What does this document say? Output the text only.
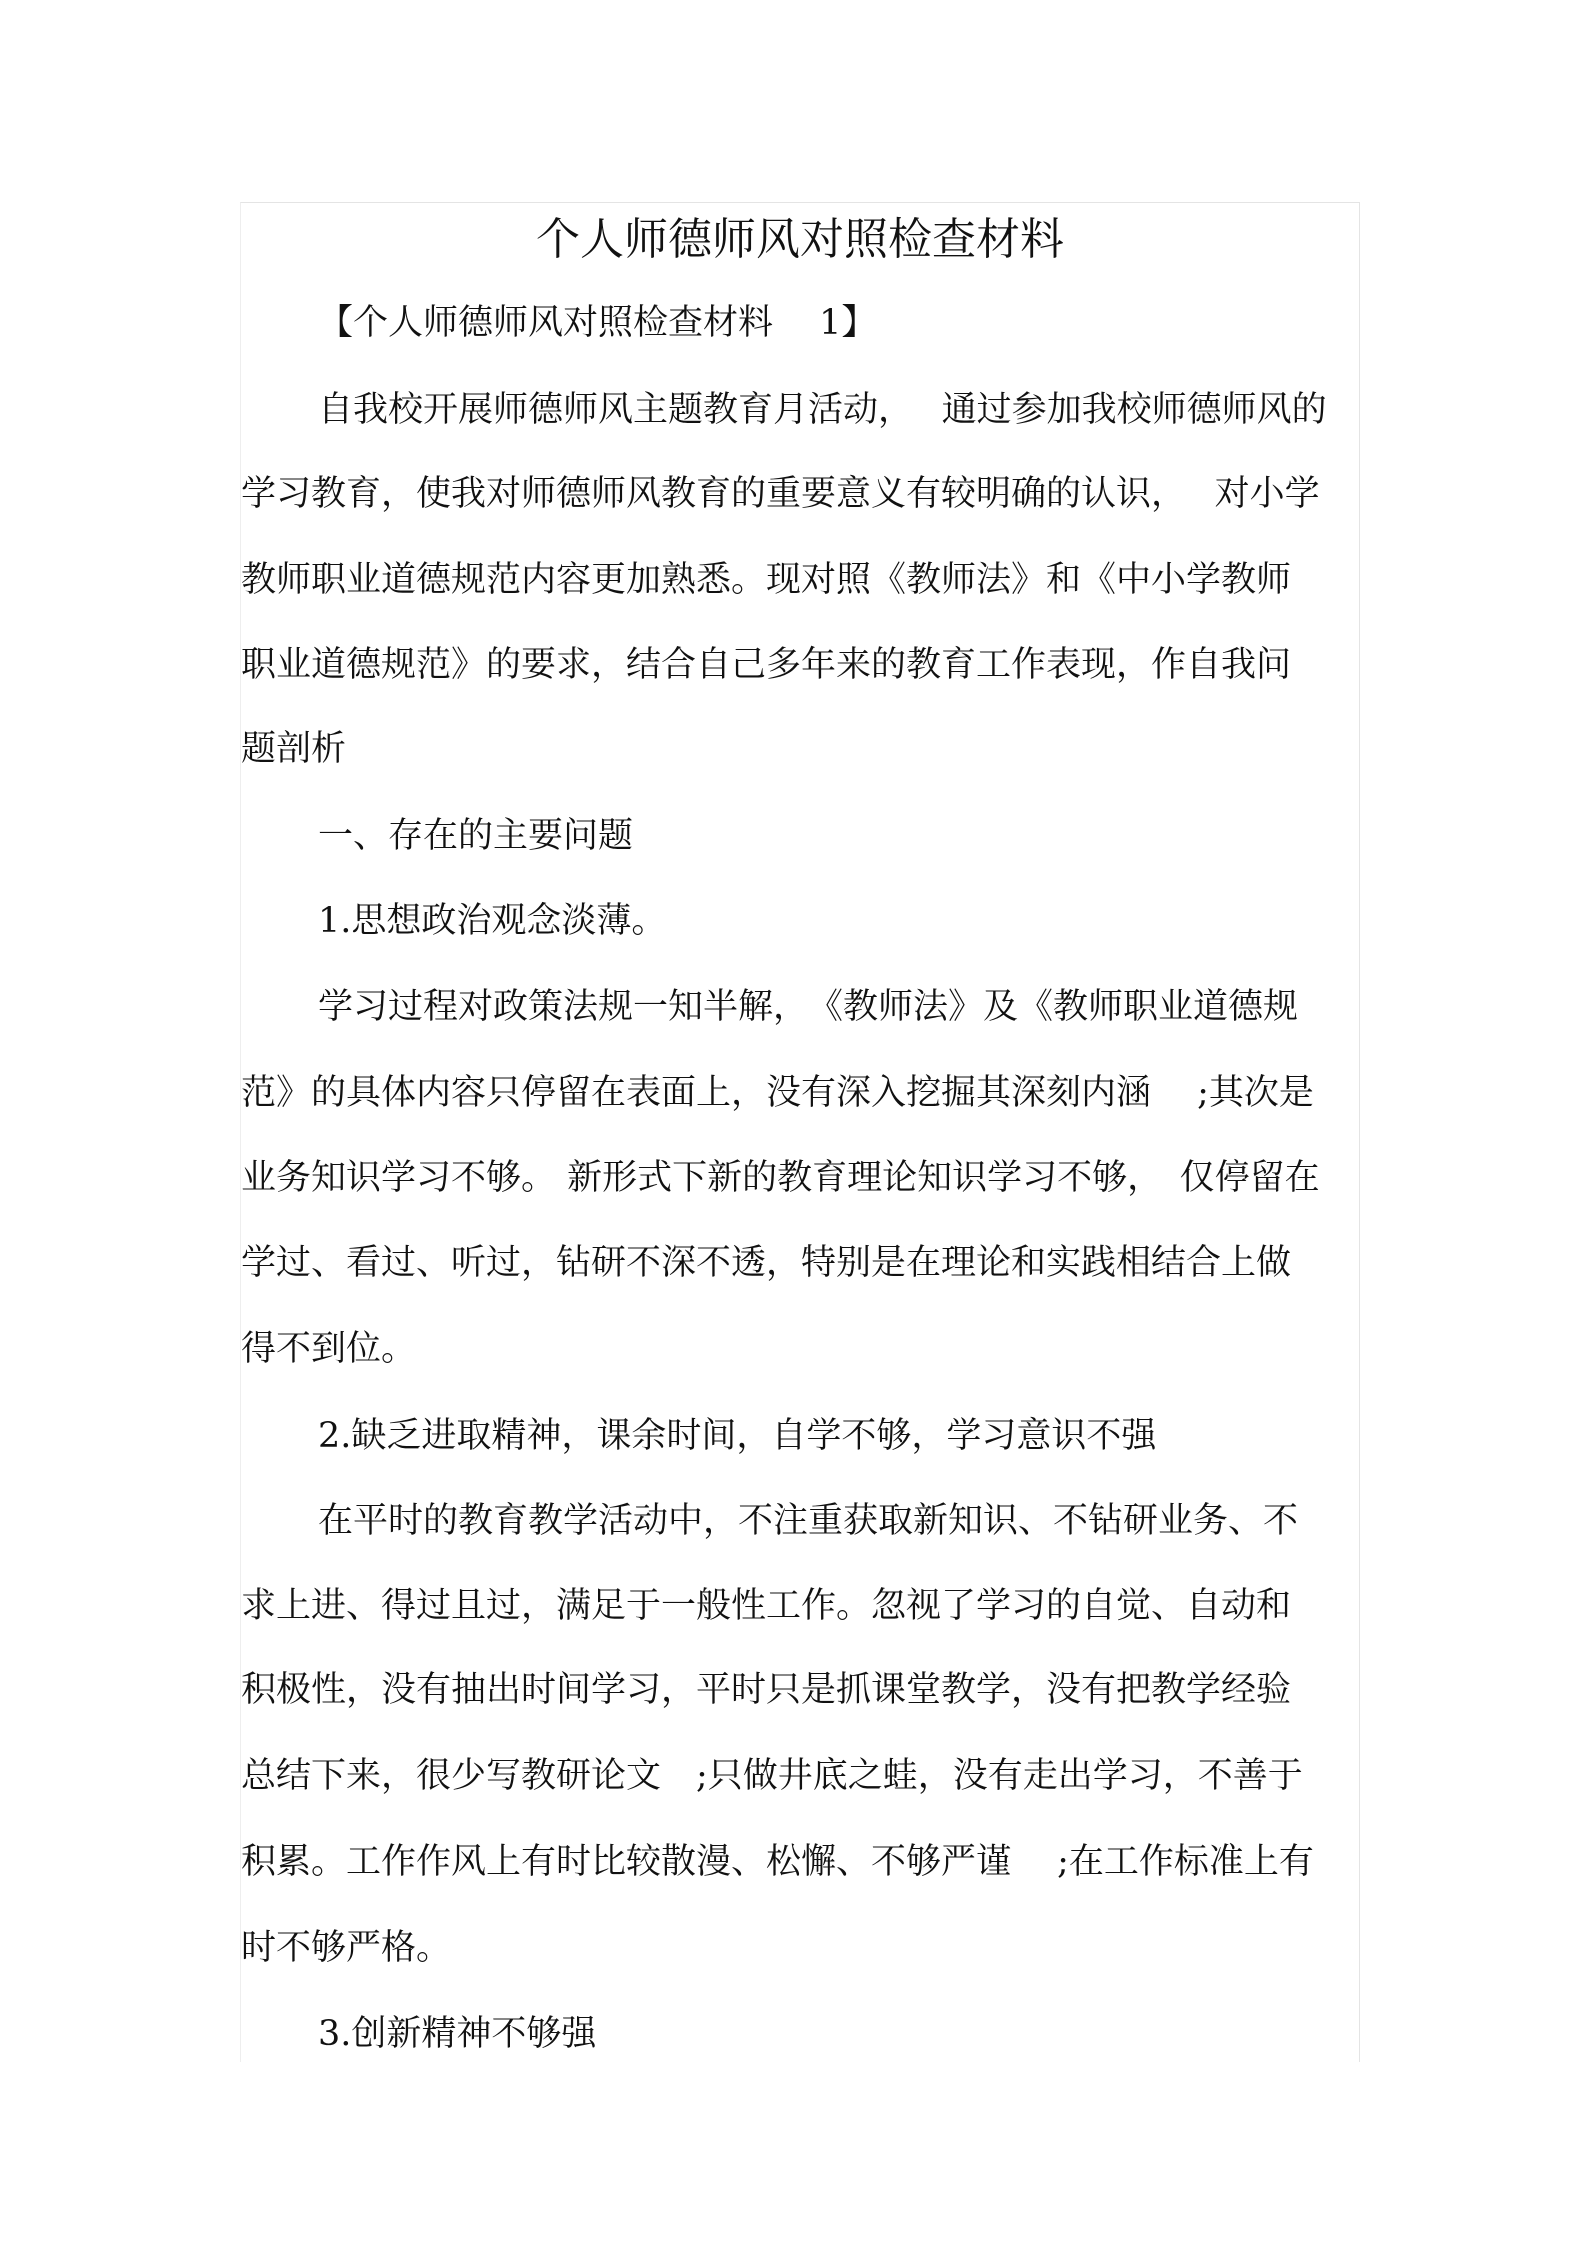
个人师德师风对照检查材料
【个人师德师风对照检查材料　 1】
自我校开展师德师风主题教育月活动，　 通过参加我校师德师风的
学习教育，使我对师德师风教育的重要意义有较明确的认识，　 对小学
教师职业道德规范内容更加熟悉。现对照《教师法》和《中小学教师
职业道德规范》的要求，结合自己多年来的教育工作表现，作自我问
题剖析
一、存在的主要问题
1.思想政治观念淡薄。
学习过程对政策法规一知半解，　《教师法》及《教师职业道德规
范》的具体内容只停留在表面上，没有深入挖掘其深刻内涵　 ;其次是
业务知识学习不够。 新形式下新的教育理论知识学习不够，　仅停留在
学过、看过、听过，钻研不深不透，特别是在理论和实践相结合上做
得不到位。
2.缺乏进取精神，课余时间，自学不够，学习意识不强
在平时的教育教学活动中，不注重获取新知识、不钻研业务、不
求上进、得过且过，满足于一般性工作。忽视了学习的自觉、自动和
积极性，没有抽出时间学习，平时只是抓课堂教学，没有把教学经验
总结下来，很少写教研论文　;只做井底之蛙，没有走出学习，不善于
积累。工作作风上有时比较散漫、松懈、不够严谨　 ;在工作标准上有
时不够严格。
3.创新精神不够强
